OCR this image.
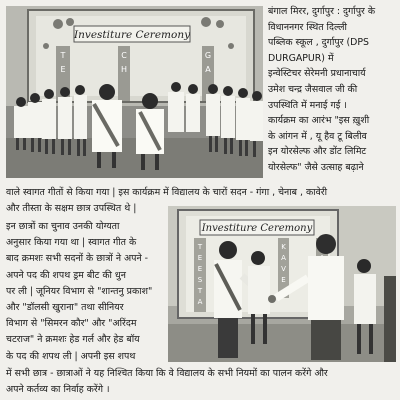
Investiture Ceremony
T
E
C
H
G
A
बंगाल मिरर, दुर्गापुर : दुर्गापुर के
विधाननगर स्थित दिल्ली
पब्लिक स्कूल , दुर्गापुर (DPS
DURGAPUR) में
इन्वेस्टिचर सेरेमनी प्रधानाचार्य
उमेश चन्द्र जैसवाल जी की
उपस्थिति में मनाई गई ।
कार्यक्रम का आरंभ "इस ख़ुशी
के आंगन में , यू हैव टू बिलीव
इन योरसेल्फ और डोंट लिमिट
योरसेल्फ" जैसे उत्साह बढ़ाने
वाले स्वागत गीतों से किया गया | इस कार्यक्रम में विद्यालय के चारों सदन - गंगा , चेनाब , कावेरी
और तीस्ता के सक्षम छात्र उपस्थित थे |
इन छात्रों का चुनाव उनकी योग्यता
अनुसार किया गया था | स्वागत गीत के
बाद क्रमशः सभी सदनों के छात्रों ने अपने -
अपने पद की शपथ ड्रम बीट की धुन
पर ली | जूनियर विभाग से "शान्तनु प्रकाश"
और "डॉलसी खुराना" तथा सीनियर
विभाग से "सिमरन कौर" और "अरिंदम
चटराज" ने क्रमशः हेड गर्ल और हेड बॉय
के पद की शपथ ली | अपनी इस शपथ
Investiture Ceremony
T
E
E
S
T
A
K
A
V
E
में सभी छात्र - छात्राओं ने यह निश्चित किया कि वे विद्यालय के सभी नियमों का पालन करेंगे और
अपने कर्तव्य का निर्वाह करेंगे ।
